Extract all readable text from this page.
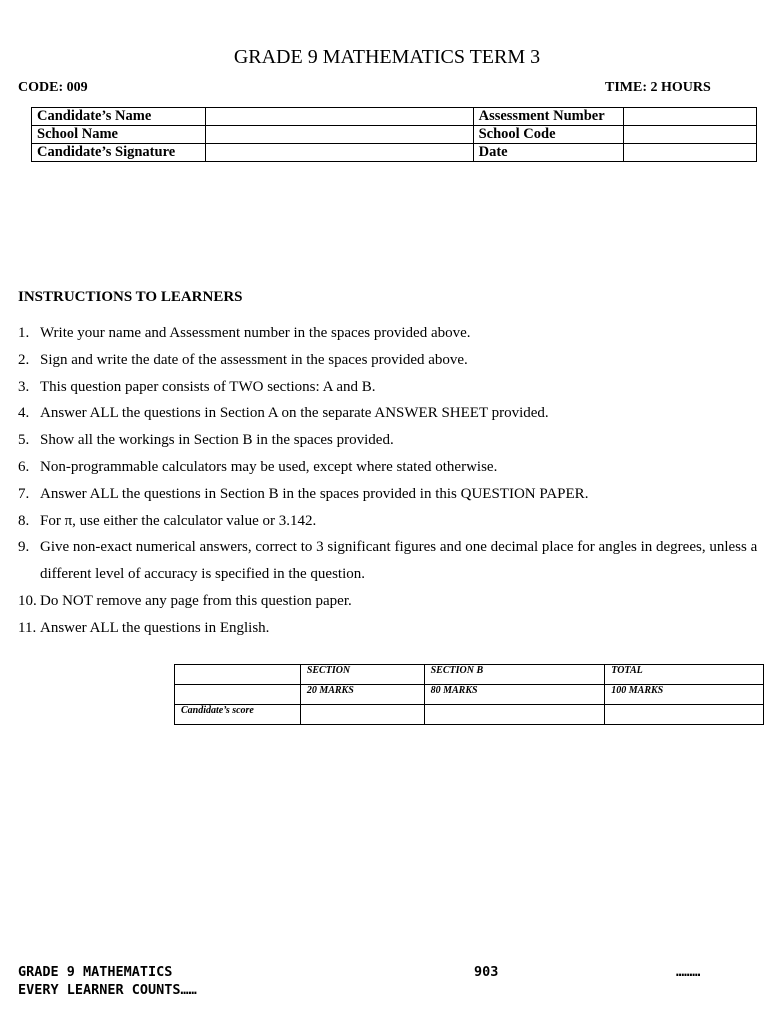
GRADE 9 MATHEMATICS TERM 3
CODE: 009	TIME: 2 HOURS
Candidate’s Name		Assessment Number	
School Name		School Code	
Candidate’s Signature		Date	
INSTRUCTIONS TO LEARNERS
1. Write your name and Assessment number in the spaces provided above.
2. Sign and write the date of the assessment in the spaces provided above.
3. This question paper consists of TWO sections: A and B.
4. Answer ALL the questions in Section A on the separate ANSWER SHEET provided.
5. Show all the workings in Section B in the spaces provided.
6. Non-programmable calculators may be used, except where stated otherwise.
7. Answer ALL the questions in Section B in the spaces provided in this QUESTION PAPER.
8. For π, use either the calculator value or 3.142.
9. Give non-exact numerical answers, correct to 3 significant figures and one decimal place for angles in degrees, unless a different level of accuracy is specified in the question.
10. Do NOT remove any page from this question paper.
11. Answer ALL the questions in English.
	SECTION	SECTION B	TOTAL
	20 MARKS	80 MARKS	100 MARKS
Candidate’s score			
GRADE 9 MATHEMATICS
EVERY LEARNER COUNTS……
903	………
